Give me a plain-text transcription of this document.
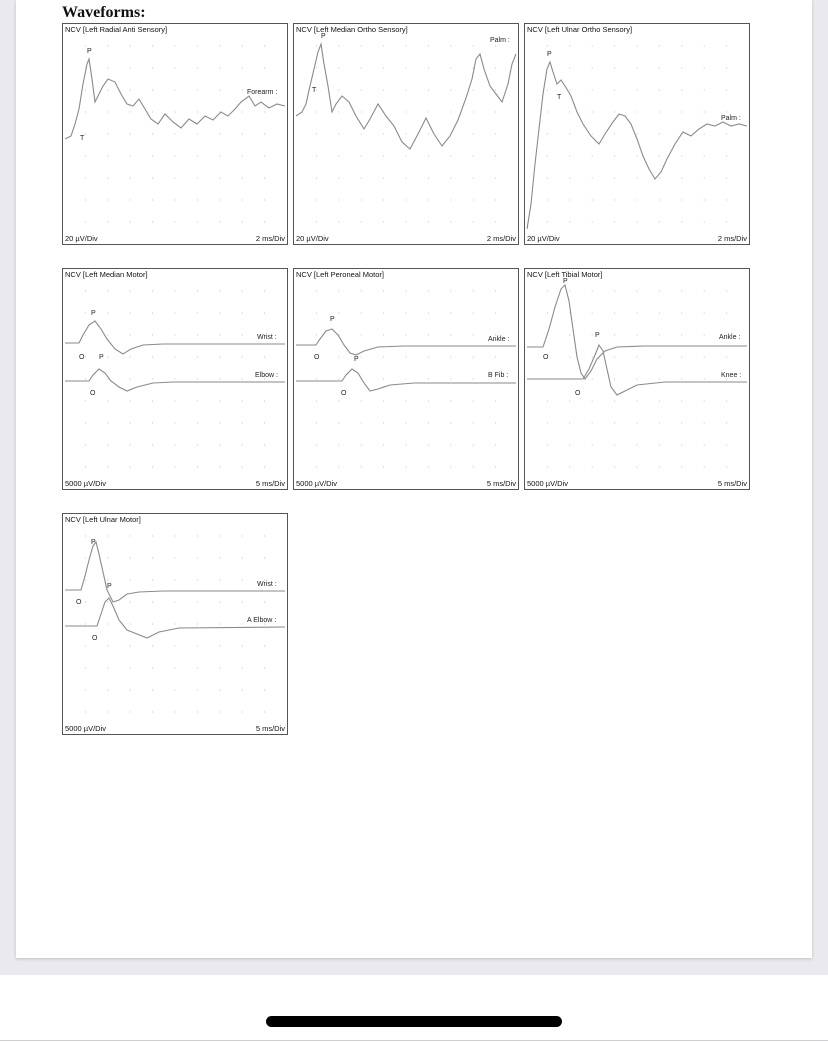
Waveforms:
P
T
Forearm :
NCV [Left Radial Anti Sensory]
20 µV/Div	2 ms/Div
P
T
Palm :
NCV [Left Median Ortho Sensory]
20 µV/Div	2 ms/Div
P
T
Palm :
NCV [Left Ulnar Ortho Sensory]
20 µV/Div	2 ms/Div
P
O P
O
Wrist :
Elbow :
NCV [Left Median Motor]
5000 µV/Div	5 ms/Div
P
O	P
O
Ankle :
B Fib :
NCV [Left Peroneal Motor]
5000 µV/Div	5 ms/Div
P
O
P
O
Ankle :
Knee :
NCV [Left Tibial Motor]
5000 µV/Div	5 ms/Div
P
O
P
O
Wrist :
A Elbow :
NCV [Left Ulnar Motor]
5000 µV/Div	5 ms/Div
